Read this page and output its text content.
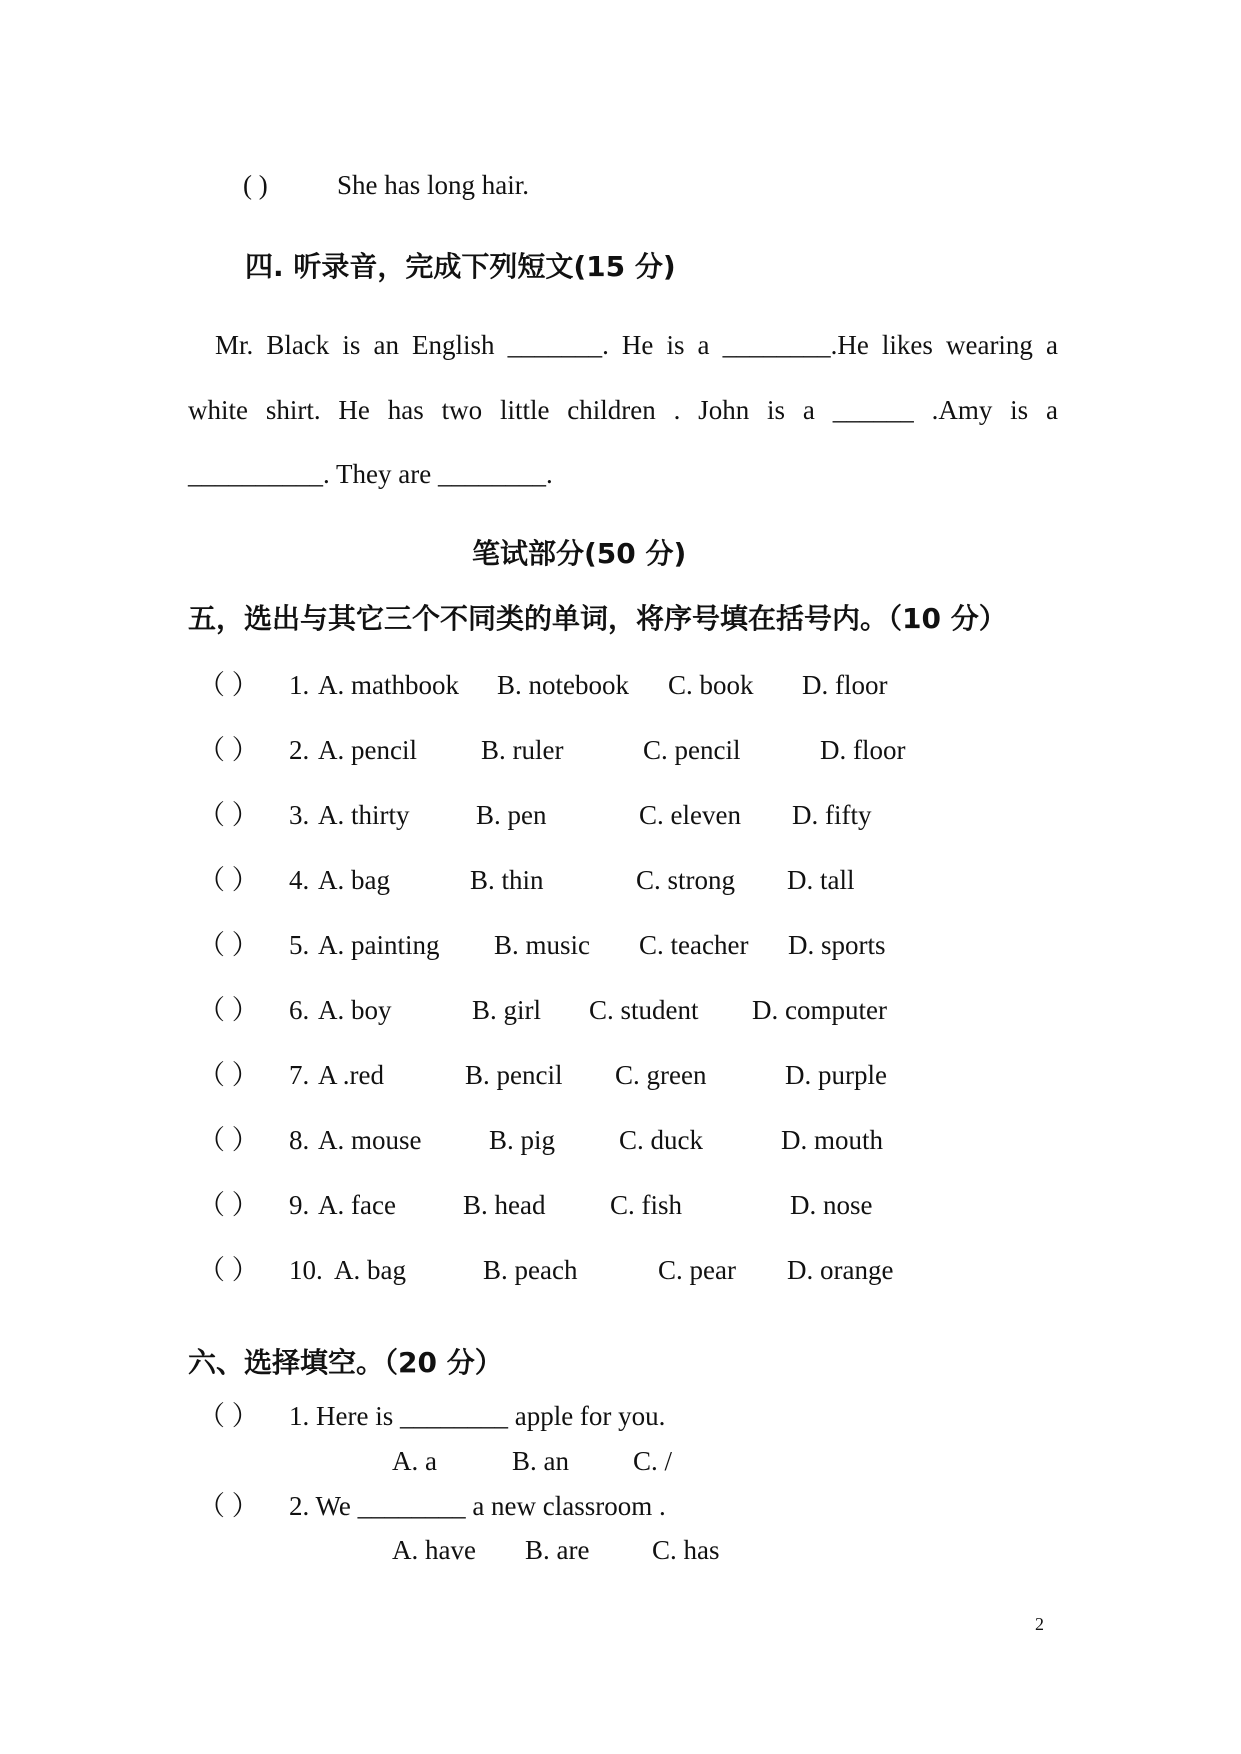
( )	She has long hair.
四. 听录音，完成下列短文(15 分)
Mr. Black is an English _______. He is a ________.He likes wearing a
white shirt. He has two little children . John is a ______ .Amy is a
__________. They are ________.
笔试部分(50 分)
五，选出与其它三个不同类的单词，将序号填在括号内。（10 分）
（ ） 1. A. mathbook B. notebook C. book D. floor
（ ） 2. A. pencil B. ruler	C. pencil	D. floor
（ ） 3. A. thirty B. pen	C. eleven D. fifty
（ ） 4. A. bag	B. thin	C. strong D. tall
（ ） 5. A. painting B. music C. teacher D. sports
（ ） 6. A. boy	B. girl C. student D. computer
（ ） 7. A .red	B. pencil C. green	D. purple
（ ） 8. A. mouse	B. pig C. duck	D. mouth
（ ） 9. A. face B. head C. fish	D. nose
（ ） 10. A. bag	B. peach	C. pear D. orange
六、选择填空。（20 分）
（ ） 1. Here is ________ apple for you.
A. a	B. an C. /
（ ） 2. We ________ a new classroom .
A. have B. are C. has
2
